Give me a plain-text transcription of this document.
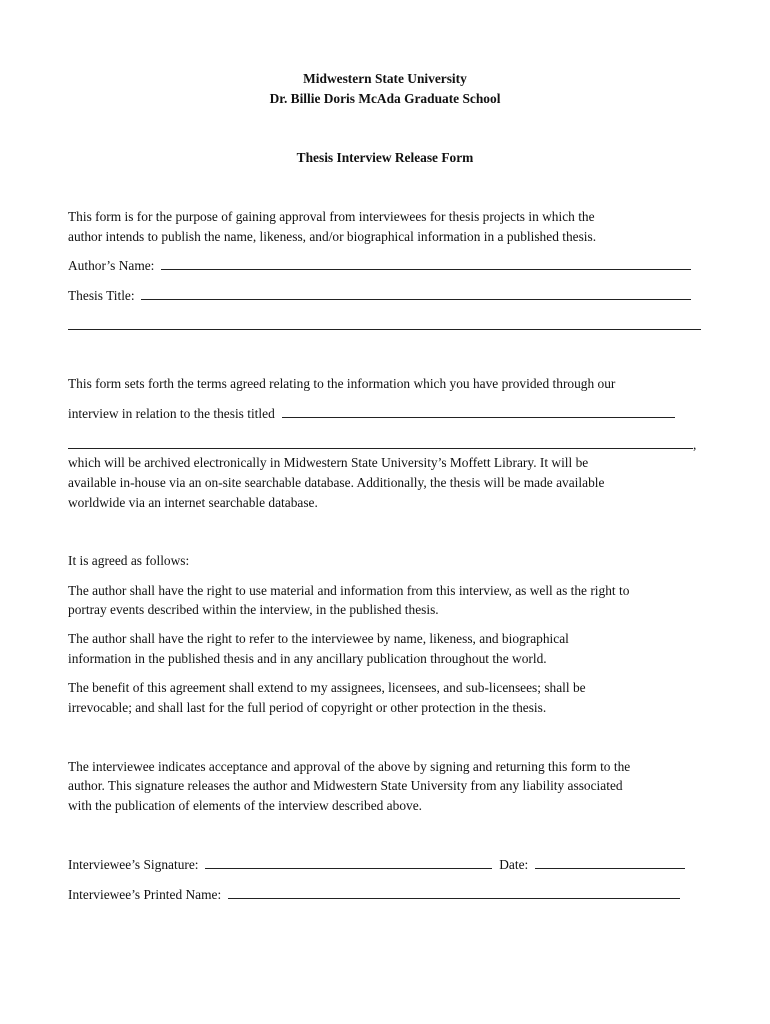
Midwestern State University
Dr. Billie Doris McAda Graduate School
Thesis Interview Release Form
This form is for the purpose of gaining approval from interviewees for thesis projects in which the
author intends to publish the name, likeness, and/or biographical information in a published thesis.
Author’s Name:
Thesis Title:
This form sets forth the terms agreed relating to the information which you have provided through our
interview in relation to the thesis titled
,
which will be archived electronically in Midwestern State University’s Moffett Library. It will be
available in-house via an on-site searchable database. Additionally, the thesis will be made available
worldwide via an internet searchable database.
It is agreed as follows:
The author shall have the right to use material and information from this interview, as well as the right to
portray events described within the interview, in the published thesis.
The author shall have the right to refer to the interviewee by name, likeness, and biographical
information in the published thesis and in any ancillary publication throughout the world.
The benefit of this agreement shall extend to my assignees, licensees, and sub-licensees; shall be
irrevocable; and shall last for the full period of copyright or other protection in the thesis.
The interviewee indicates acceptance and approval of the above by signing and returning this form to the
author. This signature releases the author and Midwestern State University from any liability associated
with the publication of elements of the interview described above.
Interviewee’s Signature:	Date:
Interviewee’s Printed Name:
